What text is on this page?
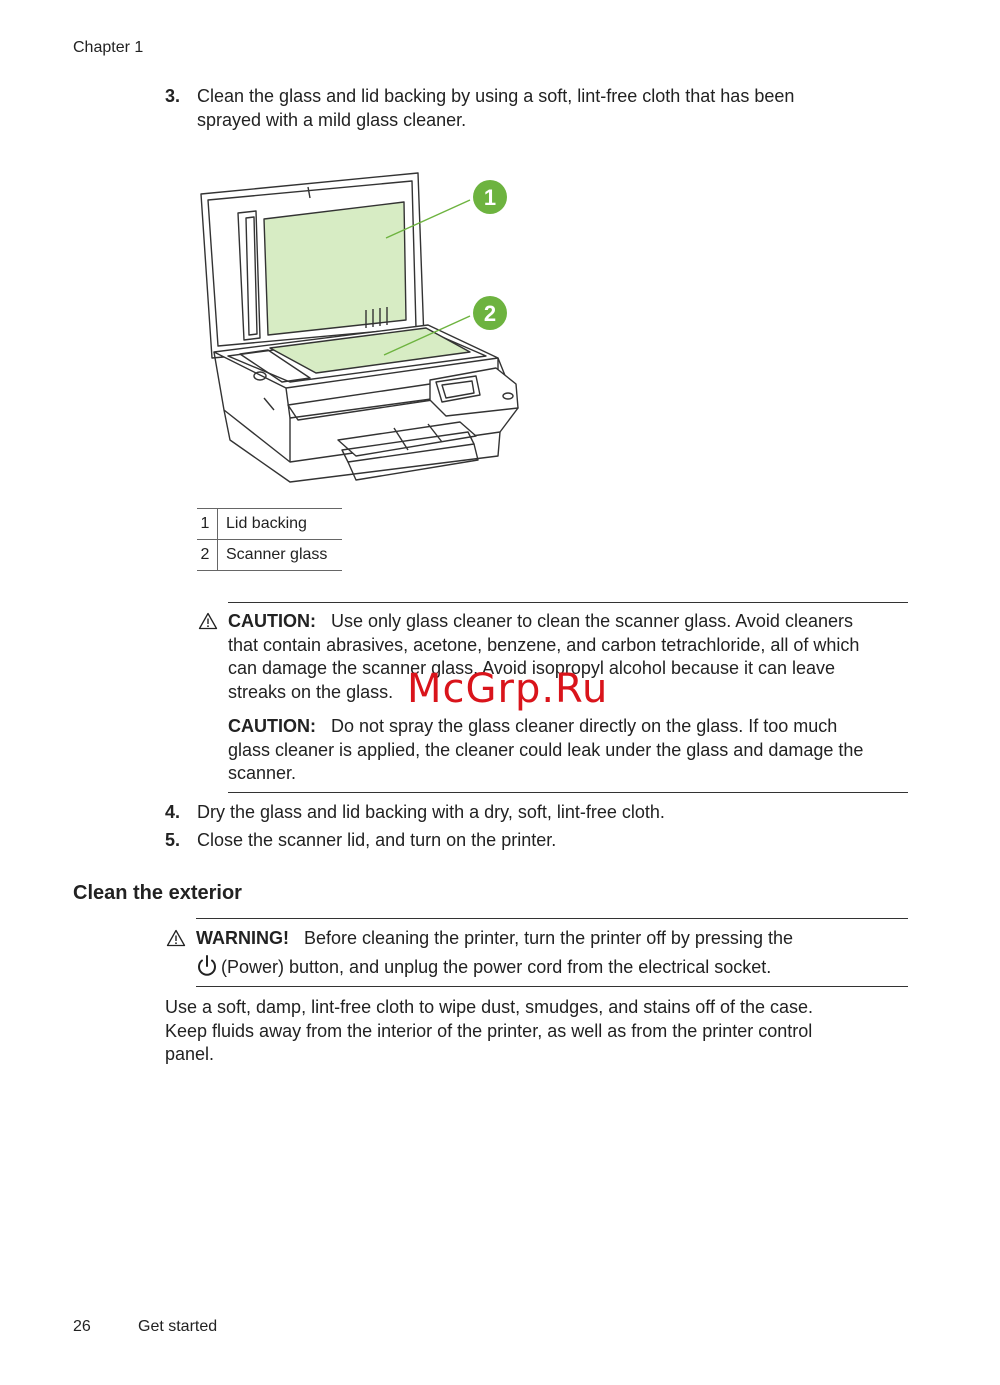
Chapter 1
3. Clean the glass and lid backing by using a soft, lint-free cloth that has been
sprayed with a mild glass cleaner.
1
2
1	Lid backing
2	Scanner glass
CAUTION: Use only glass cleaner to clean the scanner glass. Avoid cleaners
that contain abrasives, acetone, benzene, and carbon tetrachloride, all of which
can damage the scanner glass. Avoid isopropyl alcohol because it can leave
streaks on the glass.
CAUTION: Do not spray the glass cleaner directly on the glass. If too much
glass cleaner is applied, the cleaner could leak under the glass and damage the
scanner.
McGrp.Ru
4. Dry the glass and lid backing with a dry, soft, lint-free cloth.
5. Close the scanner lid, and turn on the printer.
Clean the exterior
WARNING! Before cleaning the printer, turn the printer off by pressing the
(Power) button, and unplug the power cord from the electrical socket.
Use a soft, damp, lint-free cloth to wipe dust, smudges, and stains off of the case.
Keep fluids away from the interior of the printer, as well as from the printer control
panel.
26	Get started
